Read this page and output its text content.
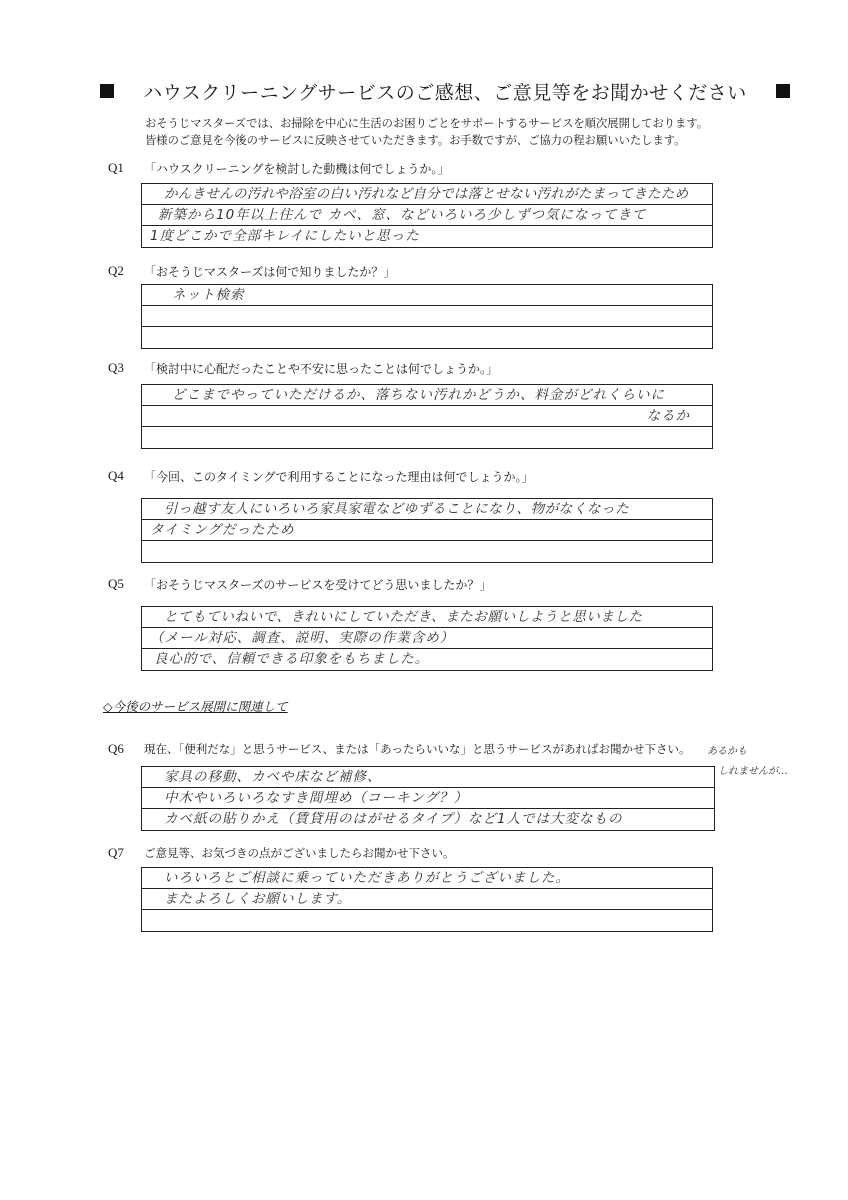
ハウスクリーニングサービスのご感想、ご意見等をお聞かせください
おそうじマスターズでは、お掃除を中心に生活のお困りごとをサポートするサービスを順次展開しております。
皆様のご意見を今後のサービスに反映させていただきます。お手数ですが、ご協力の程お願いいたします。
Q1 「ハウスクリーニングを検討した動機は何でしょうか。」
かんきせんの汚れや浴室の白い汚れなど自分では落とせない汚れがたまってきたため
新築から10年以上住んで カベ、窓、などいろいろ少しずつ気になってきて
1度どこかで全部キレイにしたいと思った
Q2 「おそうじマスターズは何で知りましたか？」
ネット検索
Q3 「検討中に心配だったことや不安に思ったことは何でしょうか。」
どこまでやっていただけるか、落ちない汚れかどうか、料金がどれくらいに
なるか
Q4 「今回、このタイミングで利用することになった理由は何でしょうか。」
引っ越す友人にいろいろ家具家電などゆずることになり、物がなくなった
タイミングだったため
Q5 「おそうじマスターズのサービスを受けてどう思いましたか？」
とてもていねいで、きれいにしていただき、またお願いしようと思いました
（メール対応、調査、説明、実際の作業含め）
良心的で、信頼できる印象をもちました。
◇今後のサービス展開に関連して
Q6 現在、「便利だな」と思うサービス、または「あったらいいな」と思うサービスがあればお聞かせ下さい。 あるかも
しれませんが…
家具の移動、カベや床など補修、
中木やいろいろなすき間埋め（コーキング？）
カベ紙の貼りかえ（賃貸用のはがせるタイプ）など1人では大変なもの
Q7 ご意見等、お気づきの点がございましたらお聞かせ下さい。
いろいろとご相談に乗っていただきありがとうございました。
またよろしくお願いします。
